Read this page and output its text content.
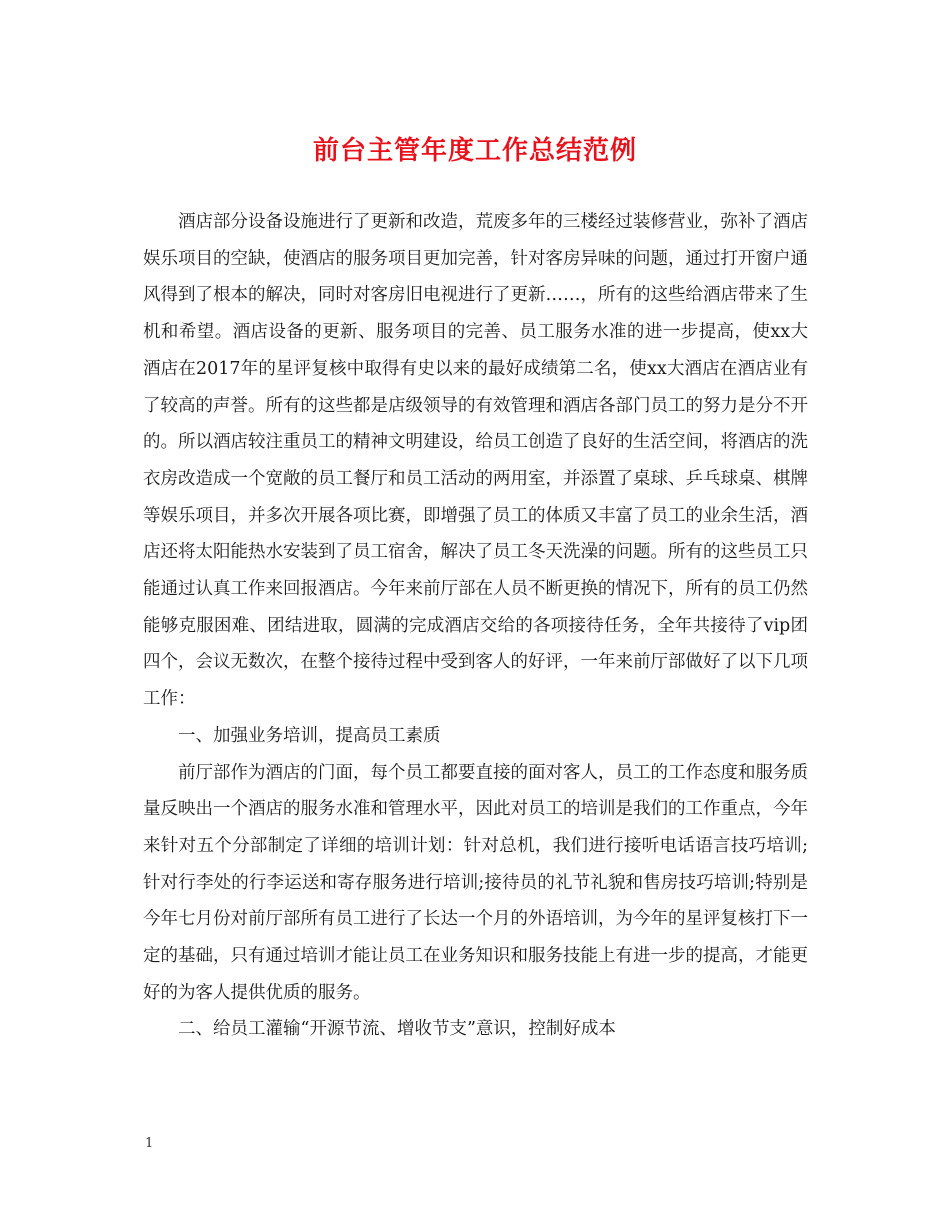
前台主管年度工作总结范例

酒店部分设备设施进行了更新和改造，荒废多年的三楼经过装修营业，弥补了酒店娱乐项目的空缺，使酒店的服务项目更加完善，针对客房异味的问题，通过打开窗户通风得到了根本的解决，同时对客房旧电视进行了更新……，所有的这些给酒店带来了生机和希望。酒店设备的更新、服务项目的完善、员工服务水准的进一步提高，使xx大酒店在2017年的星评复核中取得有史以来的最好成绩第二名，使xx大酒店在酒店业有了较高的声誉。所有的这些都是店级领导的有效管理和酒店各部门员工的努力是分不开的。所以酒店较注重员工的精神文明建设，给员工创造了良好的生活空间，将酒店的洗衣房改造成一个宽敞的员工餐厅和员工活动的两用室，并添置了桌球、乒乓球桌、棋牌等娱乐项目，并多次开展各项比赛，即增强了员工的体质又丰富了员工的业余生活，酒店还将太阳能热水安装到了员工宿舍，解决了员工冬天洗澡的问题。所有的这些员工只能通过认真工作来回报酒店。今年来前厅部在人员不断更换的情况下，所有的员工仍然能够克服困难、团结进取，圆满的完成酒店交给的各项接待任务，全年共接待了vip团四个，会议无数次，在整个接待过程中受到客人的好评，一年来前厅部做好了以下几项工作：

一、加强业务培训，提高员工素质

前厅部作为酒店的门面，每个员工都要直接的面对客人，员工的工作态度和服务质量反映出一个酒店的服务水准和管理水平，因此对员工的培训是我们的工作重点，今年来针对五个分部制定了详细的培训计划：针对总机，我们进行接听电话语言技巧培训;针对行李处的行李运送和寄存服务进行培训;接待员的礼节礼貌和售房技巧培训;特别是今年七月份对前厅部所有员工进行了长达一个月的外语培训，为今年的星评复核打下一定的基础，只有通过培训才能让员工在业务知识和服务技能上有进一步的提高，才能更好的为客人提供优质的服务。

二、给员工灌输“开源节流、增收节支”意识，控制好成本

1
